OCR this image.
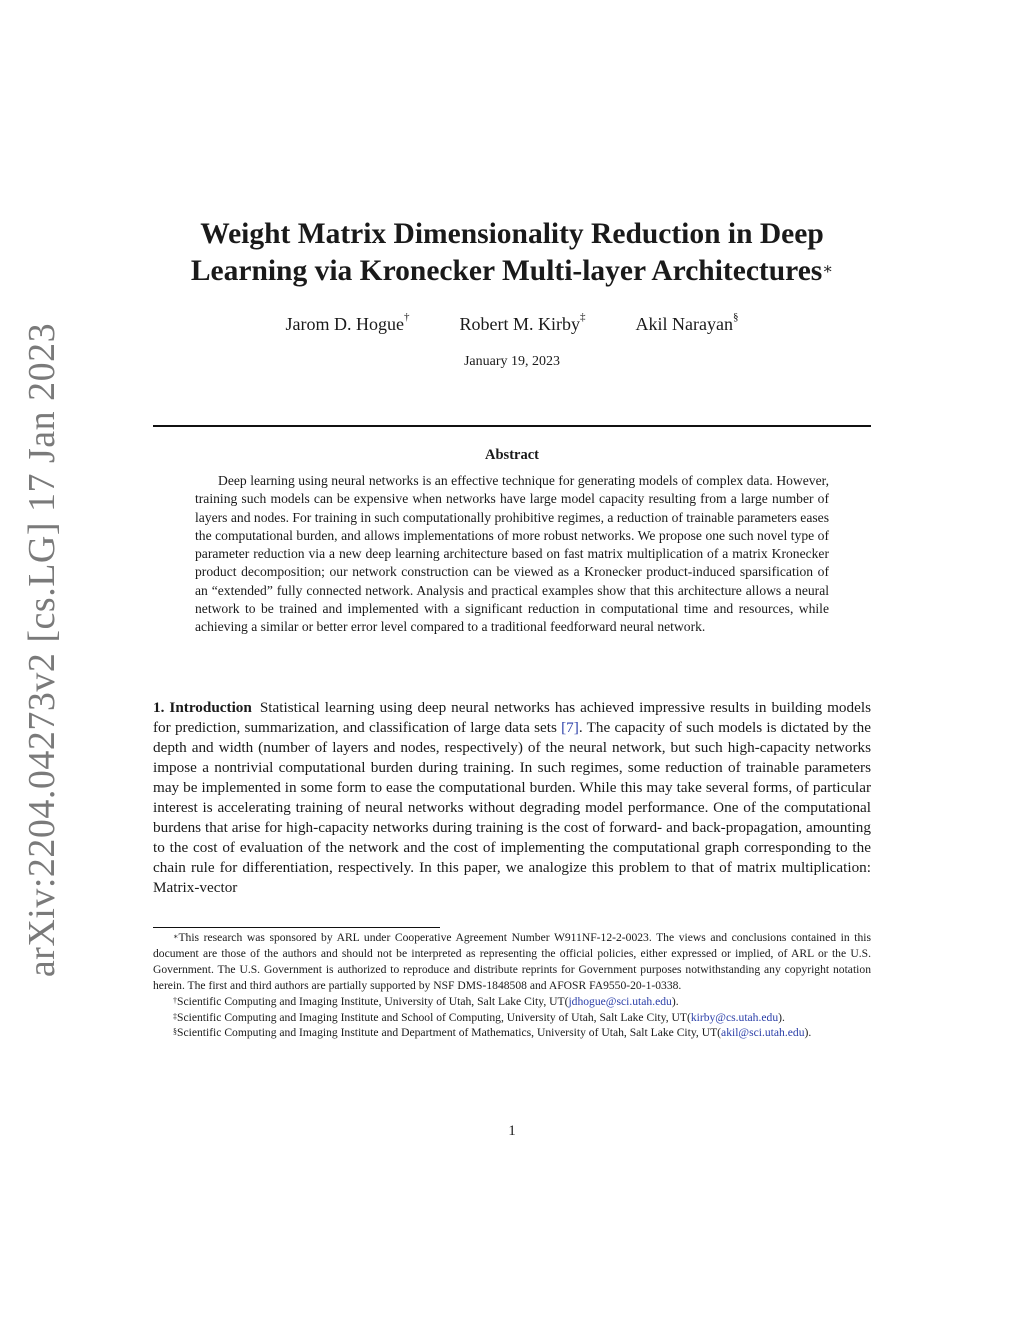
arXiv:2204.04273v2 [cs.LG] 17 Jan 2023
Weight Matrix Dimensionality Reduction in Deep
Learning via Kronecker Multi-layer Architectures∗
Jarom D. Hogue†	Robert M. Kirby‡	Akil Narayan§
January 19, 2023
Abstract

Deep learning using neural networks is an effective technique for generating models of complex data. However, training such models can be expensive when networks have large model capacity resulting from a large number of layers and nodes. For training in such computationally prohibitive regimes, a reduction of trainable parameters eases the computational burden, and allows implementations of more robust networks. We propose one such novel type of parameter reduction via a new deep learning architecture based on fast matrix multiplication of a matrix Kronecker product decomposition; our network construction can be viewed as a Kronecker product-induced sparsification of an “extended” fully connected network. Analysis and practical examples show that this architecture allows a neural network to be trained and implemented with a significant reduction in computational time and resources, while achieving a similar or better error level compared to a traditional feedforward neural network.

1. Introduction Statistical learning using deep neural networks has achieved impressive results in building models for prediction, summarization, and classification of large data sets [7]. The capacity of such models is dictated by the depth and width (number of layers and nodes, respectively) of the neural network, but such high-capacity networks impose a nontrivial computational burden during training. In such regimes, some reduction of trainable parameters may be implemented in some form to ease the computational burden. While this may take several forms, of particular interest is accelerating training of neural networks without degrading model performance. One of the computational burdens that arise for high-capacity networks during training is the cost of forward- and back-propagation, amounting to the cost of evaluation of the network and the cost of implementing the computational graph corresponding to the chain rule for differentiation, respectively. In this paper, we analogize this problem to that of matrix multiplication: Matrix-vector

∗This research was sponsored by ARL under Cooperative Agreement Number W911NF-12-2-0023. The views and conclusions contained in this document are those of the authors and should not be interpreted as representing the official policies, either expressed or implied, of ARL or the U.S. Government. The U.S. Government is authorized to reproduce and distribute reprints for Government purposes notwithstanding any copyright notation herein. The first and third authors are partially supported by NSF DMS-1848508 and AFOSR FA9550-20-1-0338.

†Scientific Computing and Imaging Institute, University of Utah, Salt Lake City, UT(jdhogue@sci.utah.edu).

‡Scientific Computing and Imaging Institute and School of Computing, University of Utah, Salt Lake City, UT(kirby@cs.utah.edu).

§Scientific Computing and Imaging Institute and Department of Mathematics, University of Utah, Salt Lake City, UT(akil@sci.utah.edu).

1
